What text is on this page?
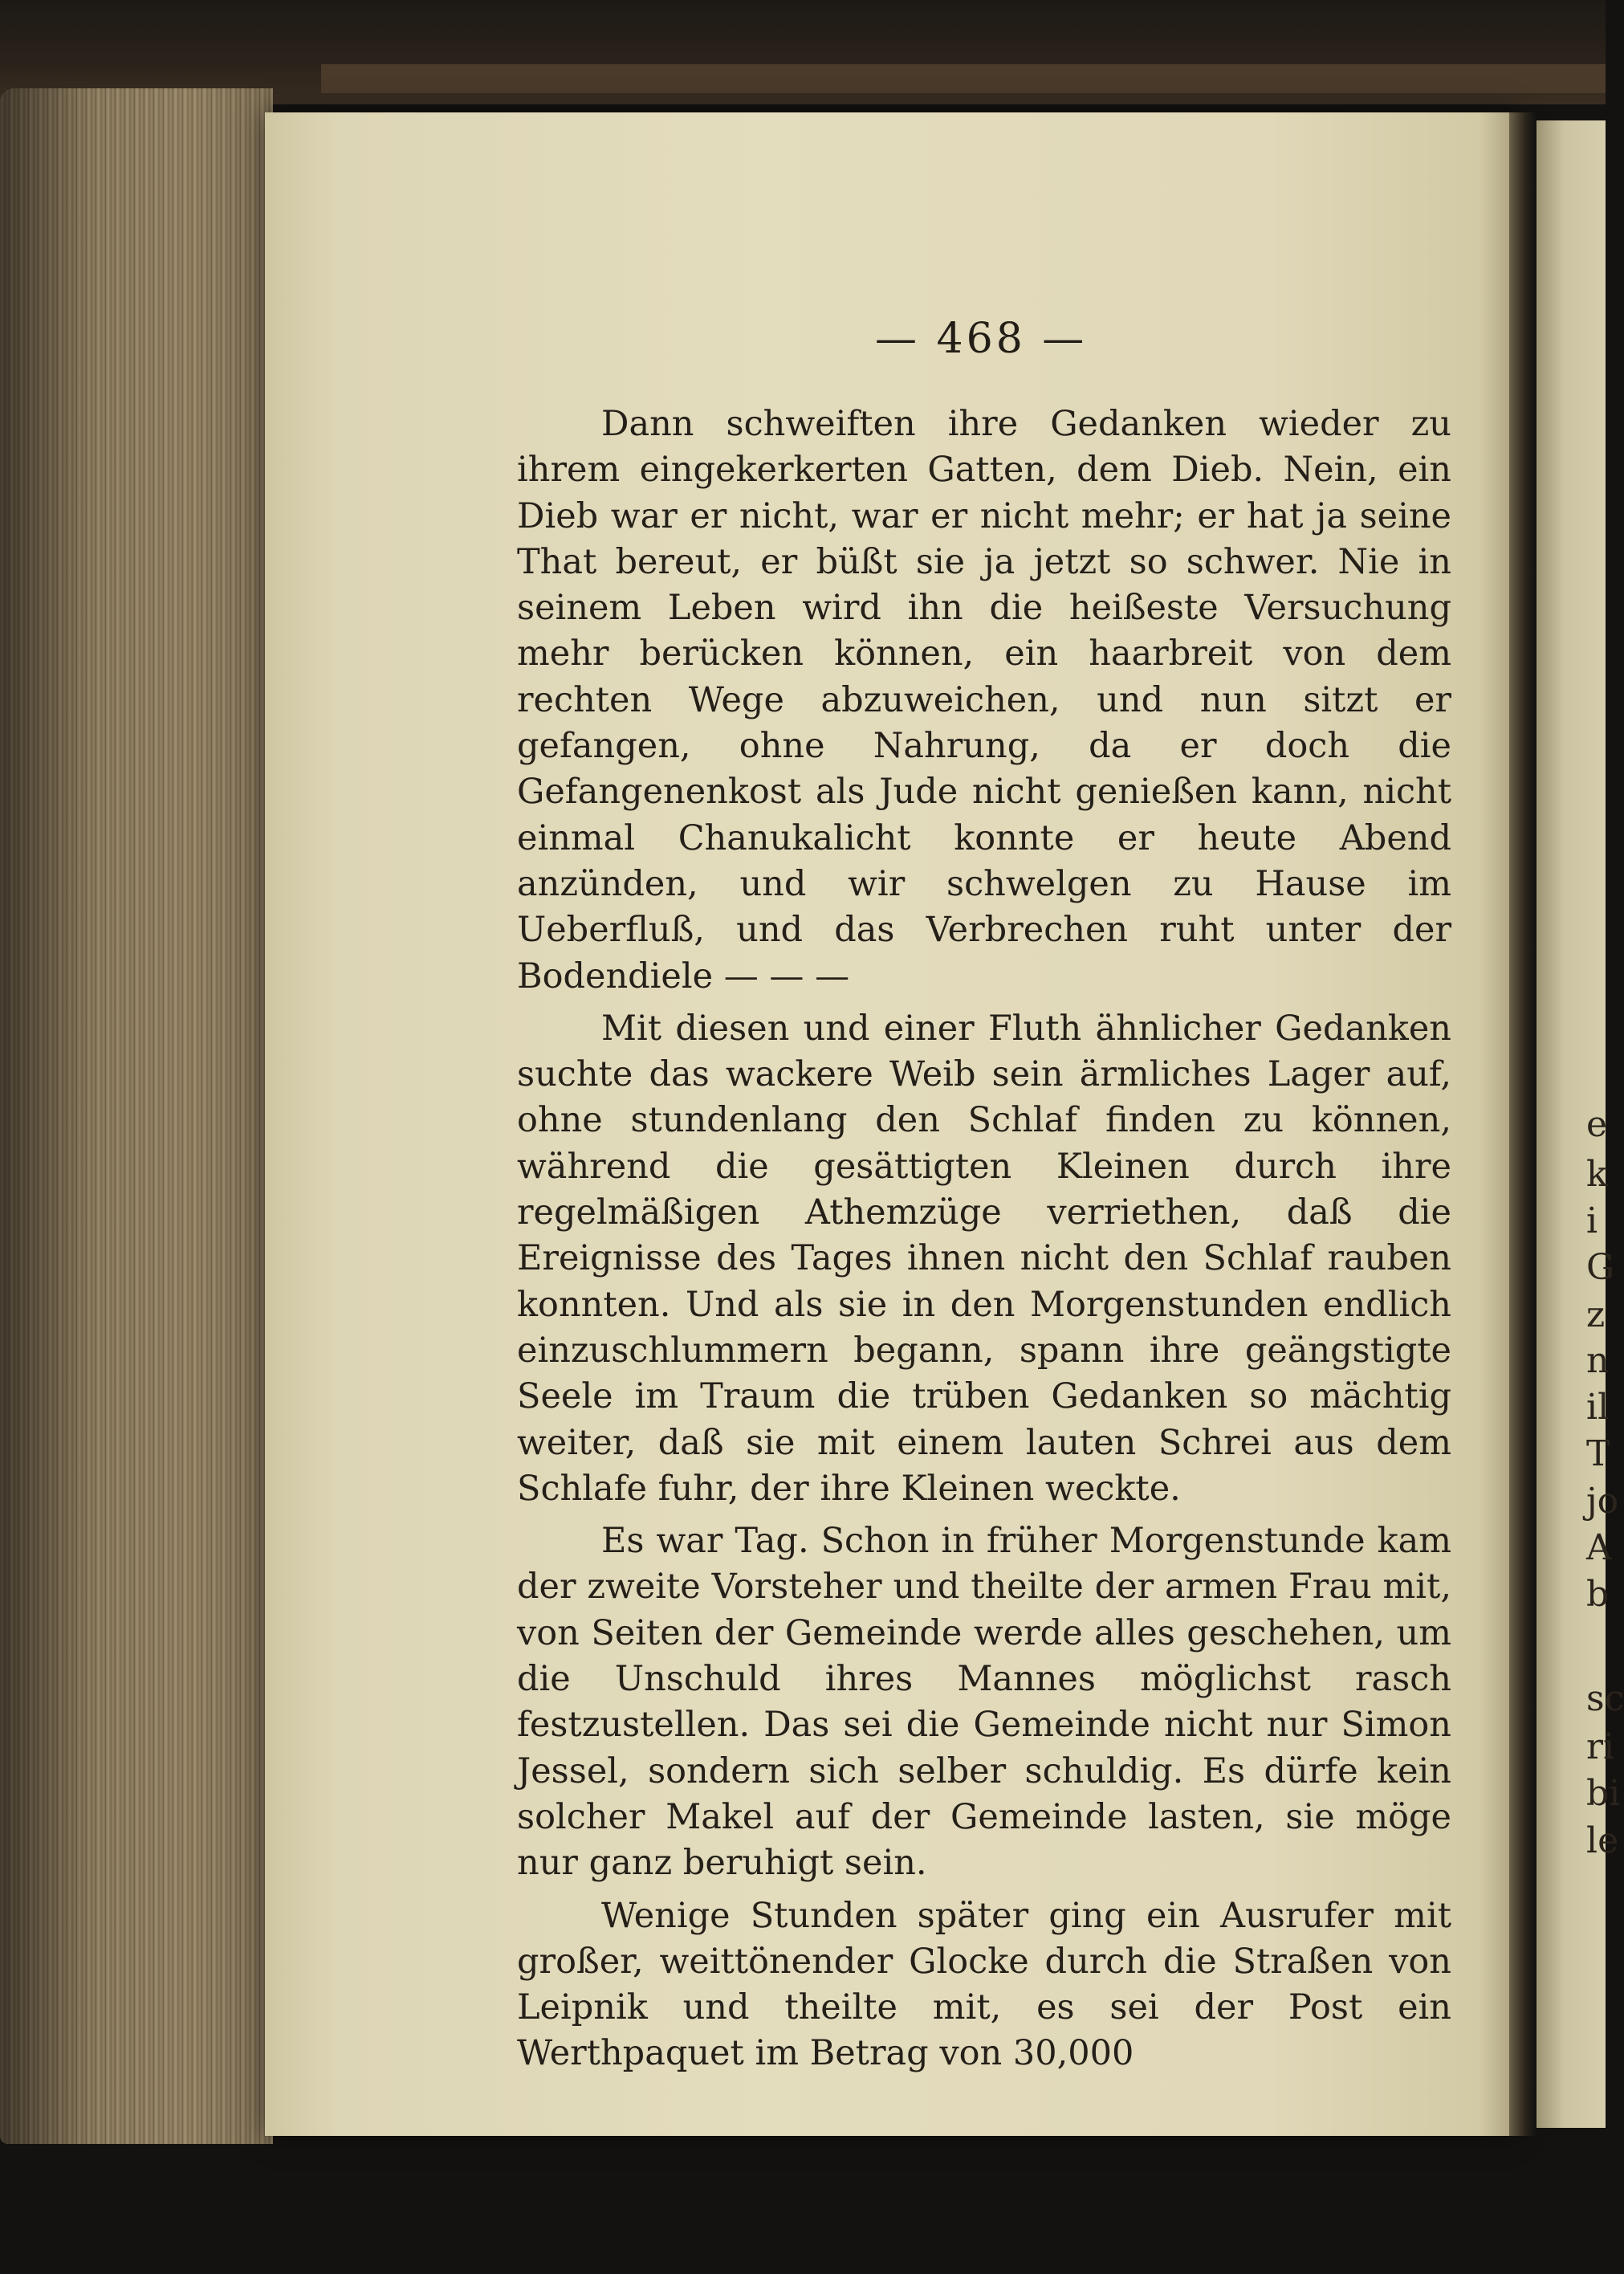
— 468 —

Dann schweiften ihre Gedanken wieder zu ihrem eingekerkerten Gatten, dem Dieb. Nein, ein Dieb war er nicht, war er nicht mehr; er hat ja seine That bereut, er büßt sie ja jetzt so schwer. Nie in seinem Leben wird ihn die heißeste Versuchung mehr berücken können, ein haarbreit von dem rechten Wege abzuweichen, und nun sitzt er gefangen, ohne Nahrung, da er doch die Gefangenenkost als Jude nicht genießen kann, nicht einmal Chanukalicht konnte er heute Abend anzünden, und wir schwelgen zu Hause im Ueberfluß, und das Verbrechen ruht unter der Bodendiele — — —

Mit diesen und einer Fluth ähnlicher Gedanken suchte das wackere Weib sein ärmliches Lager auf, ohne stundenlang den Schlaf finden zu können, während die gesättigten Kleinen durch ihre regelmäßigen Athemzüge verriethen, daß die Ereignisse des Tages ihnen nicht den Schlaf rauben konnten. Und als sie in den Morgenstunden endlich einzuschlummern begann, spann ihre geängstigte Seele im Traum die trüben Gedanken so mächtig weiter, daß sie mit einem lauten Schrei aus dem Schlafe fuhr, der ihre Kleinen weckte.

Es war Tag. Schon in früher Morgenstunde kam der zweite Vorsteher und theilte der armen Frau mit, von Seiten der Gemeinde werde alles geschehen, um die Unschuld ihres Mannes möglichst rasch festzustellen. Das sei die Gemeinde nicht nur Simon Jessel, sondern sich selber schuldig. Es dürfe kein solcher Makel auf der Gemeinde lasten, sie möge nur ganz beruhigt sein.

Wenige Stunden später ging ein Ausrufer mit großer, weittönender Glocke durch die Straßen von Leipnik und theilte mit, es sei der Post ein Werthpaquet im Betrag von 30,000

e
k
i
G
z
n
il
T
jo
A
b
sc
ri
bi
le
